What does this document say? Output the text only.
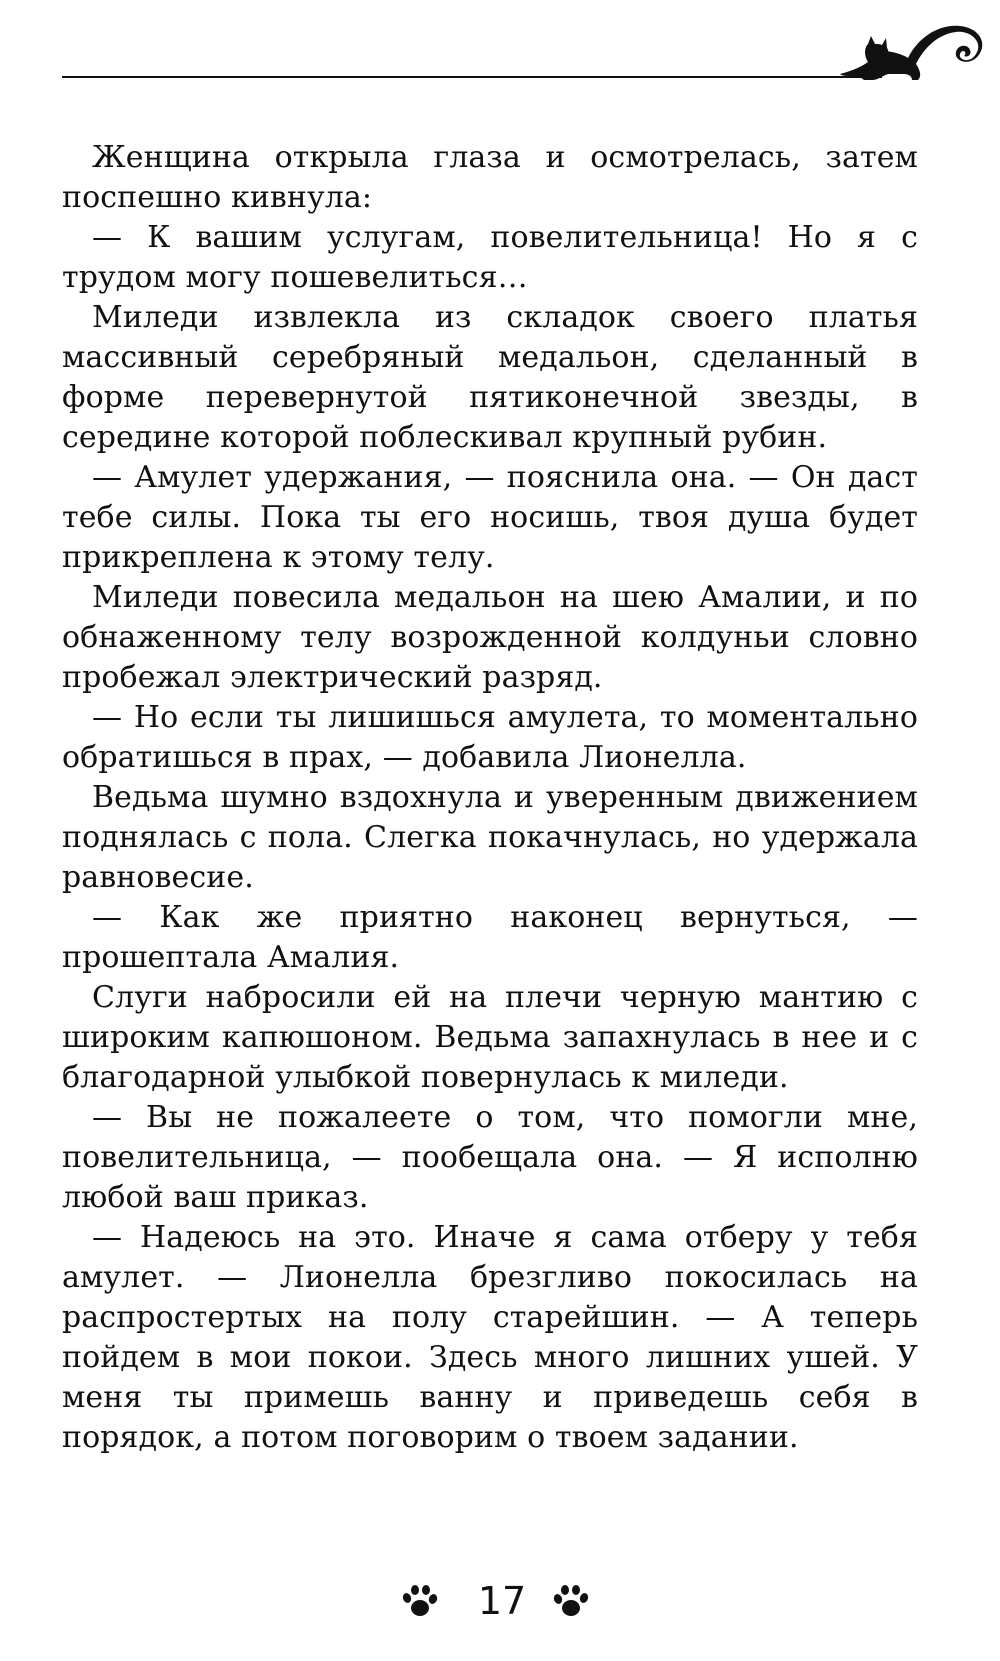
Женщина открыла глаза и осмотрелась, затем поспешно кивнула:

— К вашим услугам, повелительница! Но я с трудом могу пошевелиться…

Миледи извлекла из складок своего платья массивный серебряный медальон, сделанный в форме перевернутой пятиконечной звезды, в середине которой поблескивал крупный рубин.

— Амулет удержания, — пояснила она. — Он даст тебе силы. Пока ты его носишь, твоя душа будет прикреплена к этому телу.

Миледи повесила медальон на шею Амалии, и по обнаженному телу возрожденной колдуньи словно пробежал электрический разряд.

— Но если ты лишишься амулета, то моментально обратишься в прах, — добавила Лионелла.

Ведьма шумно вздохнула и уверенным движением поднялась с пола. Слегка покачнулась, но удержала равновесие.

— Как же приятно наконец вернуться, — прошептала Амалия.

Слуги набросили ей на плечи черную мантию с широким капюшоном. Ведьма запахнулась в нее и с благодарной улыбкой повернулась к миледи.

— Вы не пожалеете о том, что помогли мне, повелительница, — пообещала она. — Я исполню любой ваш приказ.

— Надеюсь на это. Иначе я сама отберу у тебя амулет. — Лионелла брезгливо покосилась на распростертых на полу старейшин. — А теперь пойдем в мои покои. Здесь много лишних ушей. У меня ты примешь ванну и приведешь себя в порядок, а потом поговорим о твоем задании.

17
